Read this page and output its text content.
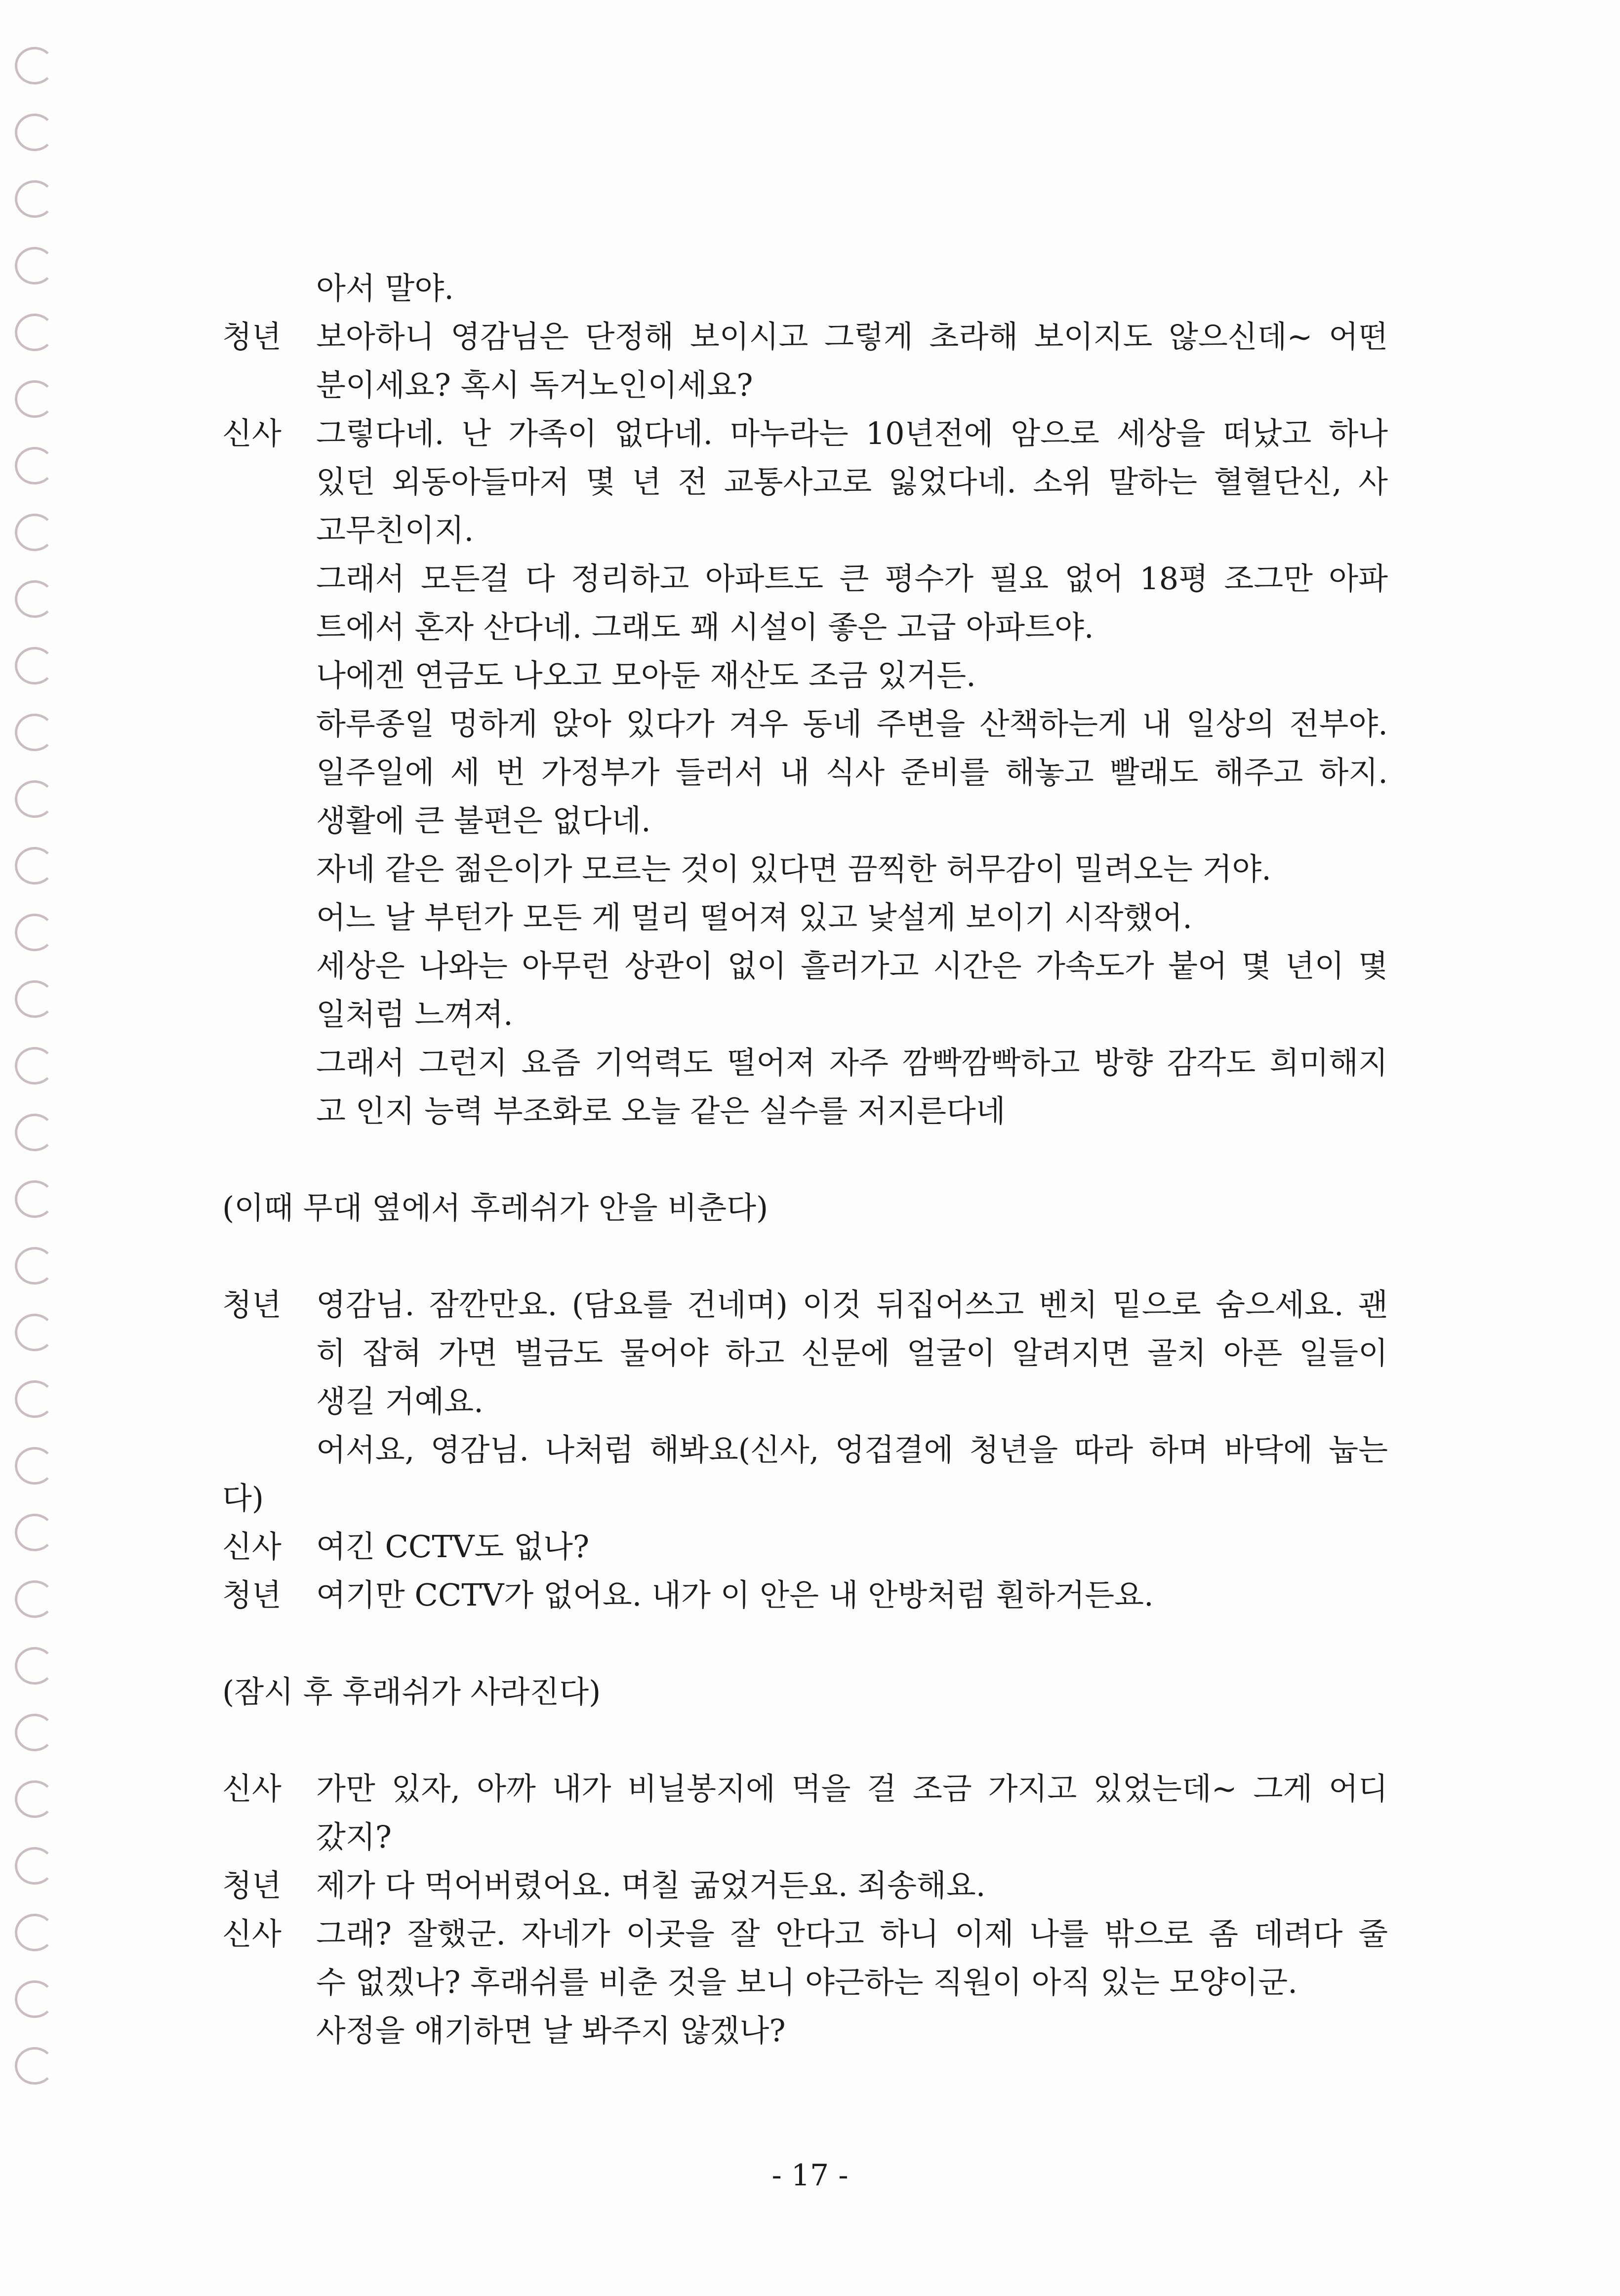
아서 말야.
청년	보아하니 영감님은 단정해 보이시고 그렇게 초라해 보이지도 않으신데~ 어떤
분이세요? 혹시 독거노인이세요?
신사	그렇다네. 난 가족이 없다네. 마누라는 10년전에 암으로 세상을 떠났고 하나
있던 외동아들마저 몇 년 전 교통사고로 잃었다네. 소위 말하는 혈혈단신, 사
고무친이지.
그래서 모든걸 다 정리하고 아파트도 큰 평수가 필요 없어 18평 조그만 아파
트에서 혼자 산다네. 그래도 꽤 시설이 좋은 고급 아파트야.
나에겐 연금도 나오고 모아둔 재산도 조금 있거든.
하루종일 멍하게 앉아 있다가 겨우 동네 주변을 산책하는게 내 일상의 전부야.
일주일에 세 번 가정부가 들러서 내 식사 준비를 해놓고 빨래도 해주고 하지.
생활에 큰 불편은 없다네.
자네 같은 젊은이가 모르는 것이 있다면 끔찍한 허무감이 밀려오는 거야.
어느 날 부턴가 모든 게 멀리 떨어져 있고 낯설게 보이기 시작했어.
세상은 나와는 아무런 상관이 없이 흘러가고 시간은 가속도가 붙어 몇 년이 몇
일처럼 느껴져.
그래서 그런지 요즘 기억력도 떨어져 자주 깜빡깜빡하고 방향 감각도 희미해지
고 인지 능력 부조화로 오늘 같은 실수를 저지른다네
(이때 무대 옆에서 후레쉬가 안을 비춘다)
청년	영감님. 잠깐만요. (담요를 건네며) 이것 뒤집어쓰고 벤치 밑으로 숨으세요. 괜
히 잡혀 가면 벌금도 물어야 하고 신문에 얼굴이 알려지면 골치 아픈 일들이
생길 거예요.
어서요, 영감님. 나처럼 해봐요(신사, 엉겁결에 청년을 따라 하며 바닥에 눕는
다)
신사	여긴 CCTV도 없나?
청년	여기만 CCTV가 없어요. 내가 이 안은 내 안방처럼 훤하거든요.
(잠시 후 후래쉬가 사라진다)
신사	가만 있자, 아까 내가 비닐봉지에 먹을 걸 조금 가지고 있었는데~ 그게 어디
갔지?
청년	제가 다 먹어버렸어요. 며칠 굶었거든요. 죄송해요.
신사	그래? 잘했군. 자네가 이곳을 잘 안다고 하니 이제 나를 밖으로 좀 데려다 줄
수 없겠나? 후래쉬를 비춘 것을 보니 야근하는 직원이 아직 있는 모양이군.
사정을 얘기하면 날 봐주지 않겠나?
- 17 -
